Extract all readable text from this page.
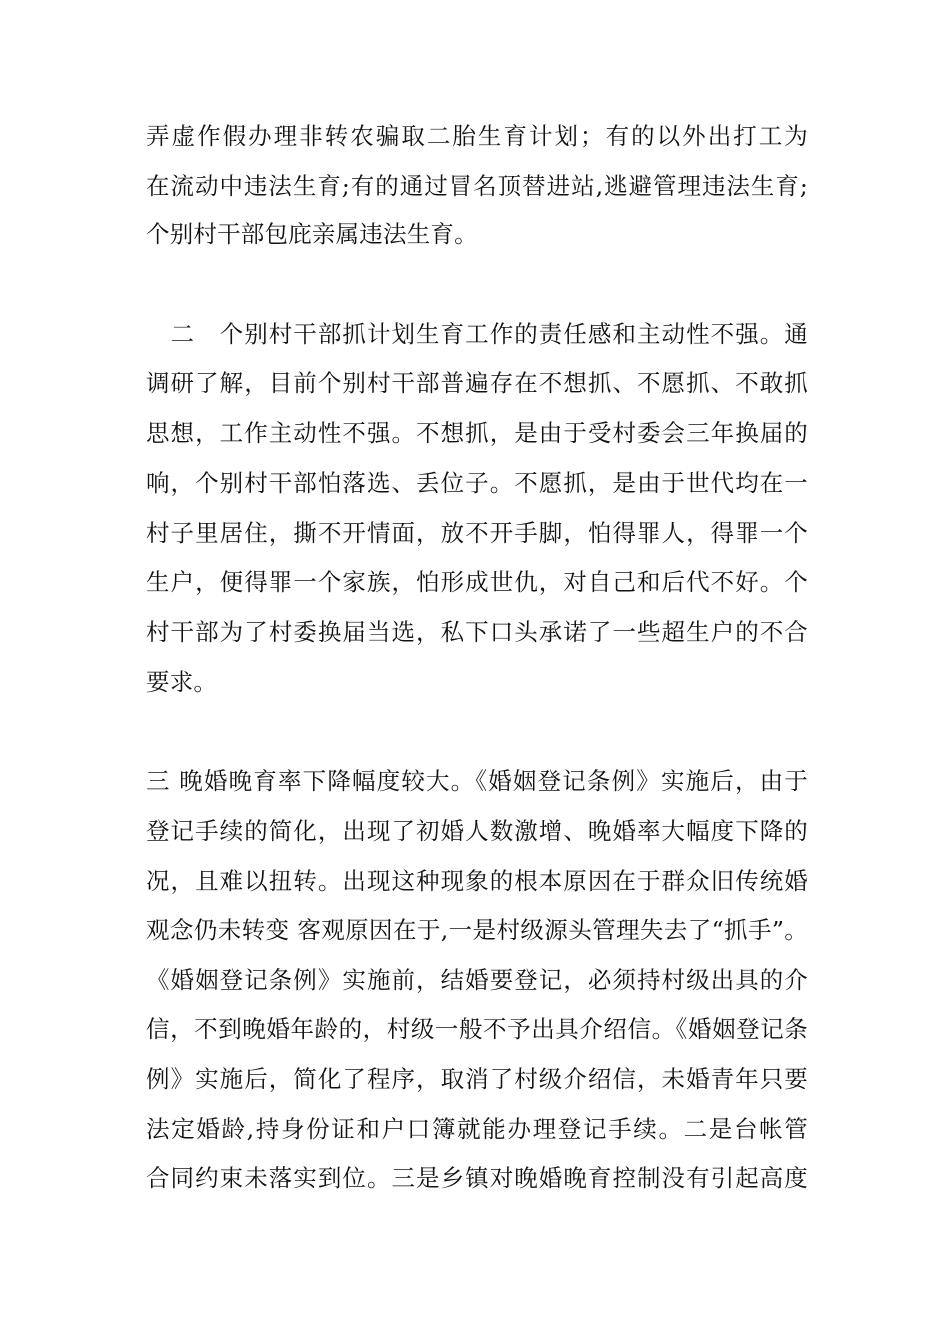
弄虚作假办理非转农骗取二胎生育计划；有的以外出打工为
在流动中违法生育;有的通过冒名顶替进站,逃避管理违法生育;
个别村干部包庇亲属违法生育。
　二　个别村干部抓计划生育工作的责任感和主动性不强。通
调研了解，目前个别村干部普遍存在不想抓、不愿抓、不敢抓
思想，工作主动性不强。不想抓，是由于受村委会三年换届的
响，个别村干部怕落选、丢位子。不愿抓，是由于世代均在一
村子里居住，撕不开情面，放不开手脚，怕得罪人，得罪一个
生户，便得罪一个家族，怕形成世仇，对自己和后代不好。个
村干部为了村委换届当选，私下口头承诺了一些超生户的不合
要求。
三 晚婚晚育率下降幅度较大。《婚姻登记条例》实施后，由于
登记手续的简化，出现了初婚人数激增、晚婚率大幅度下降的
况，且难以扭转。出现这种现象的根本原因在于群众旧传统婚
观念仍未转变 客观原因在于,一是村级源头管理失去了“抓手”。
《婚姻登记条例》实施前，结婚要登记，必须持村级出具的介
信，不到晚婚年龄的，村级一般不予出具介绍信。《婚姻登记条
例》实施后，简化了程序，取消了村级介绍信，未婚青年只要
法定婚龄,持身份证和户口簿就能办理登记手续。二是台帐管
合同约束未落实到位。三是乡镇对晚婚晚育控制没有引起高度
